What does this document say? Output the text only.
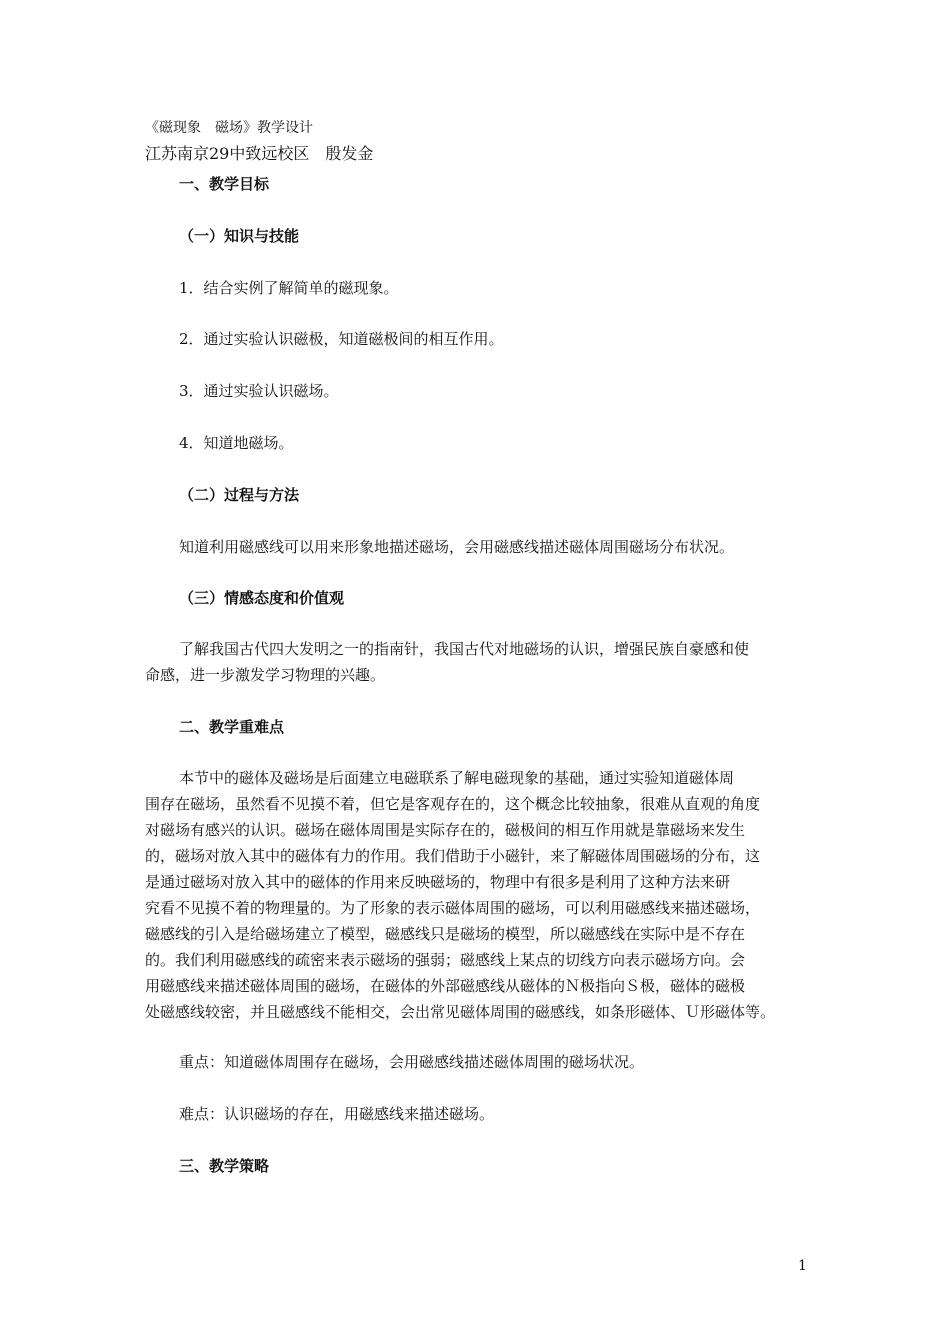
《磁现象　磁场》教学设计
江苏南京29中致远校区　殷发金
一、教学目标
（一）知识与技能
1．结合实例了解简单的磁现象。
2．通过实验认识磁极，知道磁极间的相互作用。
3．通过实验认识磁场。
4．知道地磁场。
（二）过程与方法
知道利用磁感线可以用来形象地描述磁场，会用磁感线描述磁体周围磁场分布状况。
（三）情感态度和价值观
了解我国古代四大发明之一的指南针，我国古代对地磁场的认识，增强民族自豪感和使
命感，进一步激发学习物理的兴趣。
二、教学重难点
本节中的磁体及磁场是后面建立电磁联系了解电磁现象的基础，通过实验知道磁体周
围存在磁场，虽然看不见摸不着，但它是客观存在的，这个概念比较抽象，很难从直观的角度
对磁场有感兴的认识。磁场在磁体周围是实际存在的，磁极间的相互作用就是靠磁场来发生
的，磁场对放入其中的磁体有力的作用。我们借助于小磁针，来了解磁体周围磁场的分布，这
是通过磁场对放入其中的磁体的作用来反映磁场的，物理中有很多是利用了这种方法来研
究看不见摸不着的物理量的。为了形象的表示磁体周围的磁场，可以利用磁感线来描述磁场，
磁感线的引入是给磁场建立了模型，磁感线只是磁场的模型，所以磁感线在实际中是不存在
的。我们利用磁感线的疏密来表示磁场的强弱；磁感线上某点的切线方向表示磁场方向。会
用磁感线来描述磁体周围的磁场，在磁体的外部磁感线从磁体的Ｎ极指向Ｓ极，磁体的磁极
处磁感线较密，并且磁感线不能相交，会出常见磁体周围的磁感线，如条形磁体、Ｕ形磁体等。
重点：知道磁体周围存在磁场，会用磁感线描述磁体周围的磁场状况。
难点：认识磁场的存在，用磁感线来描述磁场。
三、教学策略
1
